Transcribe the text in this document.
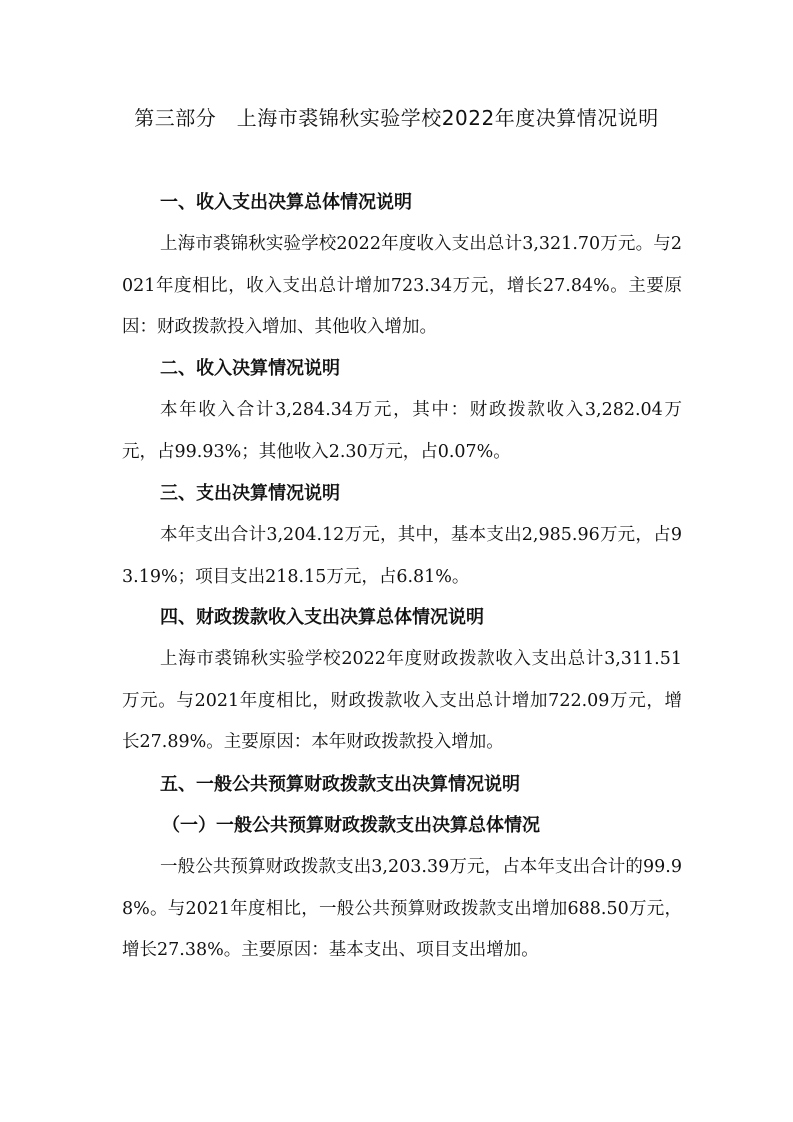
第三部分　上海市裘锦秋实验学校2022年度决算情况说明
一、收入支出决算总体情况说明

上海市裘锦秋实验学校2022年度收入支出总计3,321.70万元。与2021年度相比，收入支出总计增加723.34万元，增长27.84%。主要原因：财政拨款投入增加、其他收入增加。

二、收入决算情况说明

本年收入合计3,284.34万元，其中：财政拨款收入3,282.04万元，占99.93%；其他收入2.30万元，占0.07%。

三、支出决算情况说明

本年支出合计3,204.12万元，其中，基本支出2,985.96万元，占93.19%；项目支出218.15万元，占6.81%。

四、财政拨款收入支出决算总体情况说明

上海市裘锦秋实验学校2022年度财政拨款收入支出总计3,311.51万元。与2021年度相比，财政拨款收入支出总计增加722.09万元，增长27.89%。主要原因：本年财政拨款投入增加。

五、一般公共预算财政拨款支出决算情况说明
（一）一般公共预算财政拨款支出决算总体情况

一般公共预算财政拨款支出3,203.39万元，占本年支出合计的99.98%。与2021年度相比，一般公共预算财政拨款支出增加688.50万元，增长27.38%。主要原因：基本支出、项目支出增加。
